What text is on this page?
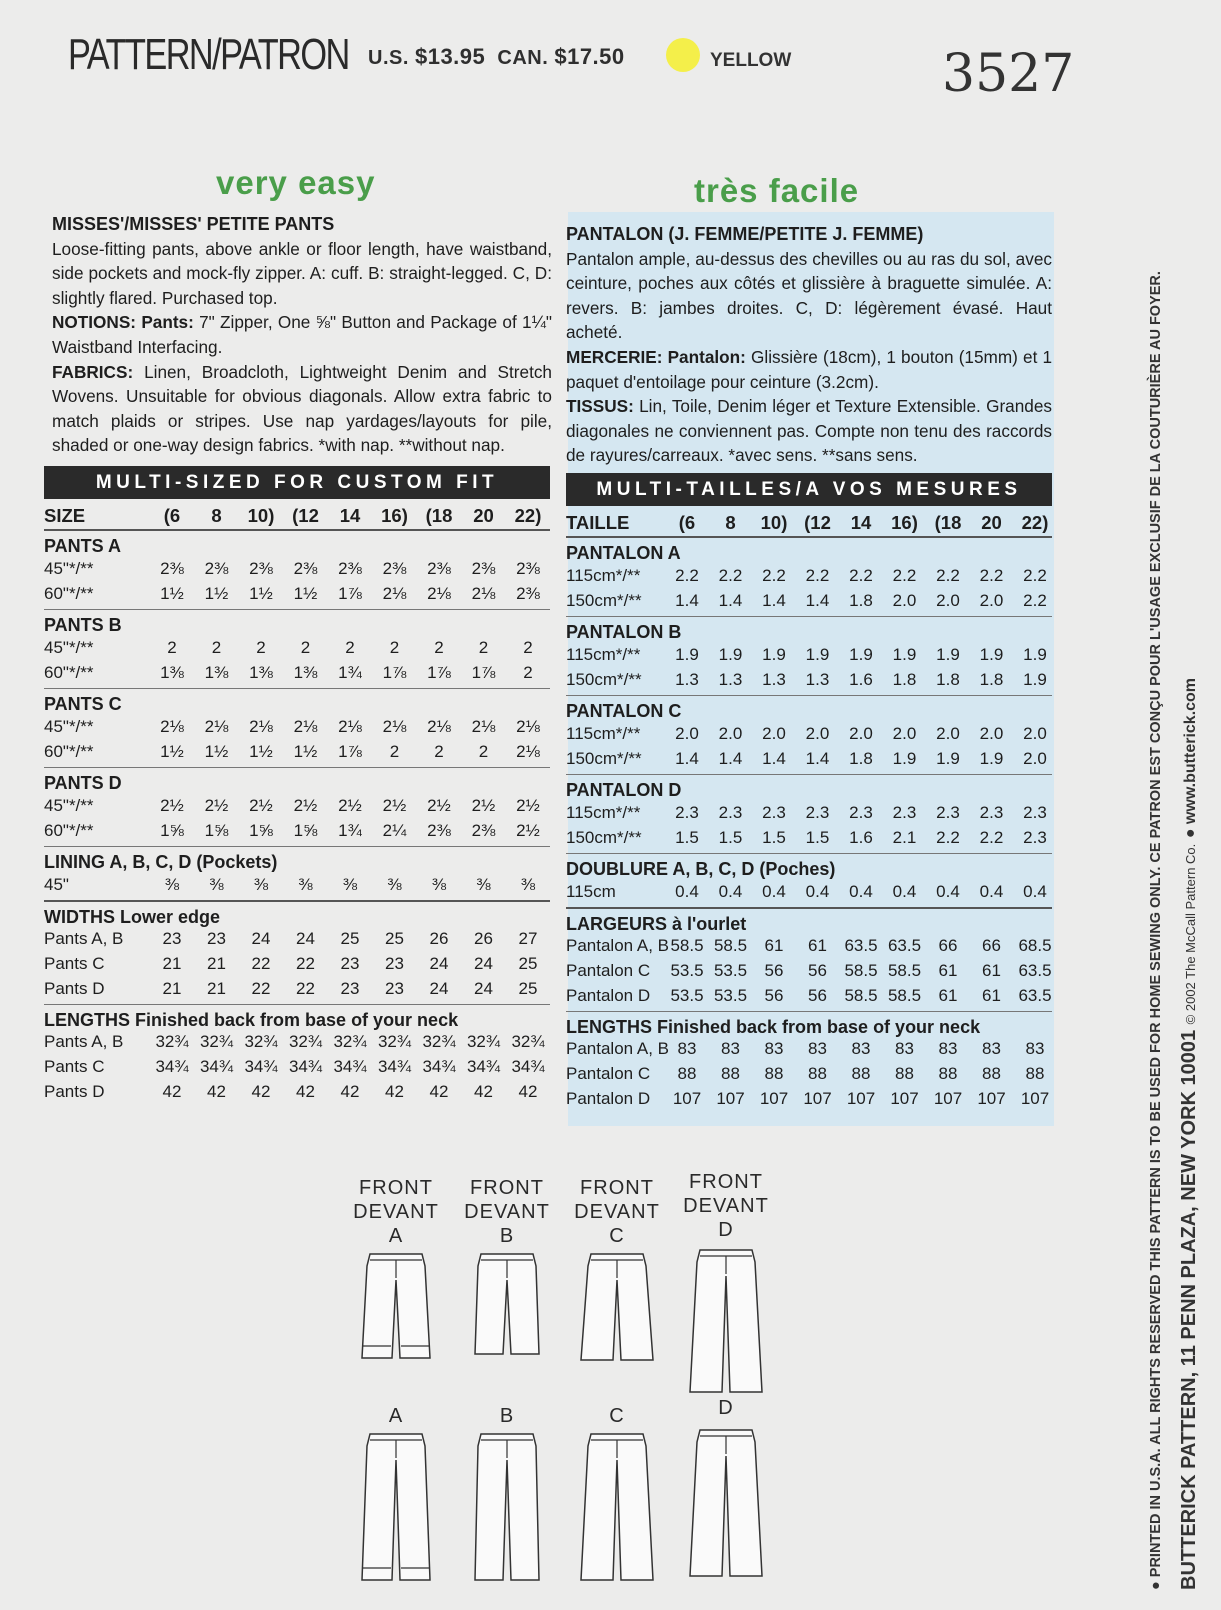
PATTERN/PATRON U.S. $13.95 CAN. $17.50	YELLOW	3527
very easy	très facile

MISSES'/MISSES' PETITE PANTS

Loose-fitting pants, above ankle or floor length, have waistband, side pockets and mock-fly zipper. A: cuff. B: straight-legged. C, D: slightly flared. Purchased top.

NOTIONS: Pants: 7" Zipper, One ⅝" Button and Package of 1¼" Waistband Interfacing.

FABRICS: Linen, Broadcloth, Lightweight Denim and Stretch Wovens. Unsuitable for obvious diagonals. Allow extra fabric to match plaids or stripes. Use nap yardages/layouts for pile, shaded or one-way design fabrics. *with nap. **without nap.

PANTALON (J. FEMME/PETITE J. FEMME)

Pantalon ample, au-dessus des chevilles ou au ras du sol, avec ceinture, poches aux côtés et glissière à braguette simulée. A: revers. B: jambes droites. C, D: légèrement évasé. Haut acheté.

MERCERIE: Pantalon: Glissière (18cm), 1 bouton (15mm) et 1 paquet d'entoilage pour ceinture (3.2cm).

TISSUS: Lin, Toile, Denim léger et Texture Extensible. Grandes diagonales ne conviennent pas. Compte non tenu des raccords de rayures/carreaux. *avec sens. **sans sens.

MULTI-SIZED FOR CUSTOM FIT
SIZE	(6	8	10) (12	14	16) (18	20	22)
PANTS A
45"*/**	2⅜	2⅜	2⅜	2⅜	2⅜	2⅜	2⅜	2⅜	2⅜
60"*/**	1½	1½	1½	1½	1⅞	2⅛	2⅛	2⅛	2⅜
PANTS B
45"*/**	2	2	2	2	2	2	2	2	2
60"*/**	1⅜	1⅜	1⅜	1⅜	1¾	1⅞	1⅞	1⅞	2
PANTS C
45"*/**	2⅛	2⅛	2⅛	2⅛	2⅛	2⅛	2⅛	2⅛	2⅛
60"*/**	1½	1½	1½	1½	1⅞	2	2	2	2⅛
PANTS D
45"*/**	2½	2½	2½	2½	2½	2½	2½	2½	2½
60"*/**	1⅝	1⅝	1⅝	1⅝	1¾	2¼	2⅜	2⅜	2½
LINING A, B, C, D (Pockets)
45"	⅜	⅜	⅜	⅜	⅜	⅜	⅜	⅜	⅜
WIDTHS Lower edge
Pants A, B	23	23	24	24	25	25	26	26	27
Pants C	21	21	22	22	23	23	24	24	25
Pants D	21	21	22	22	23	23	24	24	25
LENGTHS Finished back from base of your neck
Pants A, B	32¾ 32¾ 32¾ 32¾ 32¾ 32¾ 32¾ 32¾ 32¾
Pants C	34¾ 34¾ 34¾ 34¾ 34¾ 34¾ 34¾ 34¾ 34¾
Pants D	42	42	42	42	42	42	42	42	42
MULTI-TAILLES/A VOS MESURES
TAILLE	(6	8	10) (12	14	16) (18	20	22)
PANTALON A
115cm*/**	2.2	2.2	2.2	2.2	2.2	2.2	2.2	2.2	2.2
150cm*/**	1.4	1.4	1.4	1.4	1.8	2.0	2.0	2.0	2.2
PANTALON B
115cm*/**	1.9	1.9	1.9	1.9	1.9	1.9	1.9	1.9	1.9
150cm*/**	1.3	1.3	1.3	1.3	1.6	1.8	1.8	1.8	1.9
PANTALON C
115cm*/**	2.0	2.0	2.0	2.0	2.0	2.0	2.0	2.0	2.0
150cm*/**	1.4	1.4	1.4	1.4	1.8	1.9	1.9	1.9	2.0
PANTALON D
115cm*/**	2.3	2.3	2.3	2.3	2.3	2.3	2.3	2.3	2.3
150cm*/**	1.5	1.5	1.5	1.5	1.6	2.1	2.2	2.2	2.3
DOUBLURE A, B, C, D (Poches)
115cm	0.4	0.4	0.4	0.4	0.4	0.4	0.4	0.4	0.4
LARGEURS à l'ourlet
Pantalon A, B 58.5 58.5	61	61	63.5 63.5	66	66	68.5
Pantalon C	53.5 53.5	56	56	58.5 58.5	61	61	63.5
Pantalon D	53.5 53.5	56	56	58.5 58.5	61	61	63.5
LENGTHS Finished back from base of your neck
Pantalon A, B 83	83	83	83	83	83	83	83	83
Pantalon C	88	88	88	88	88	88	88	88	88
Pantalon D	107 107 107 107 107 107 107 107 107
FRONT
DEVANT
A
FRONT
DEVANT
B
FRONT
DEVANT
C
FRONT
DEVANT
D
A	B	C	D	● PRINTED IN U.S.A. ALL RIGHTS RESERVED THIS PATTERN IS TO BE USED FOR HOME SEWING ONLY. CE PATRON EST CONÇU POUR L'USAGE EXCLUSIF DE LA COUTURIÈRE AU FOYER. BUTTERICK PATTERN, 11 PENN PLAZA, NEW YORK 10001 © 2002 The McCall Pattern Co. ● www.butterick.com
